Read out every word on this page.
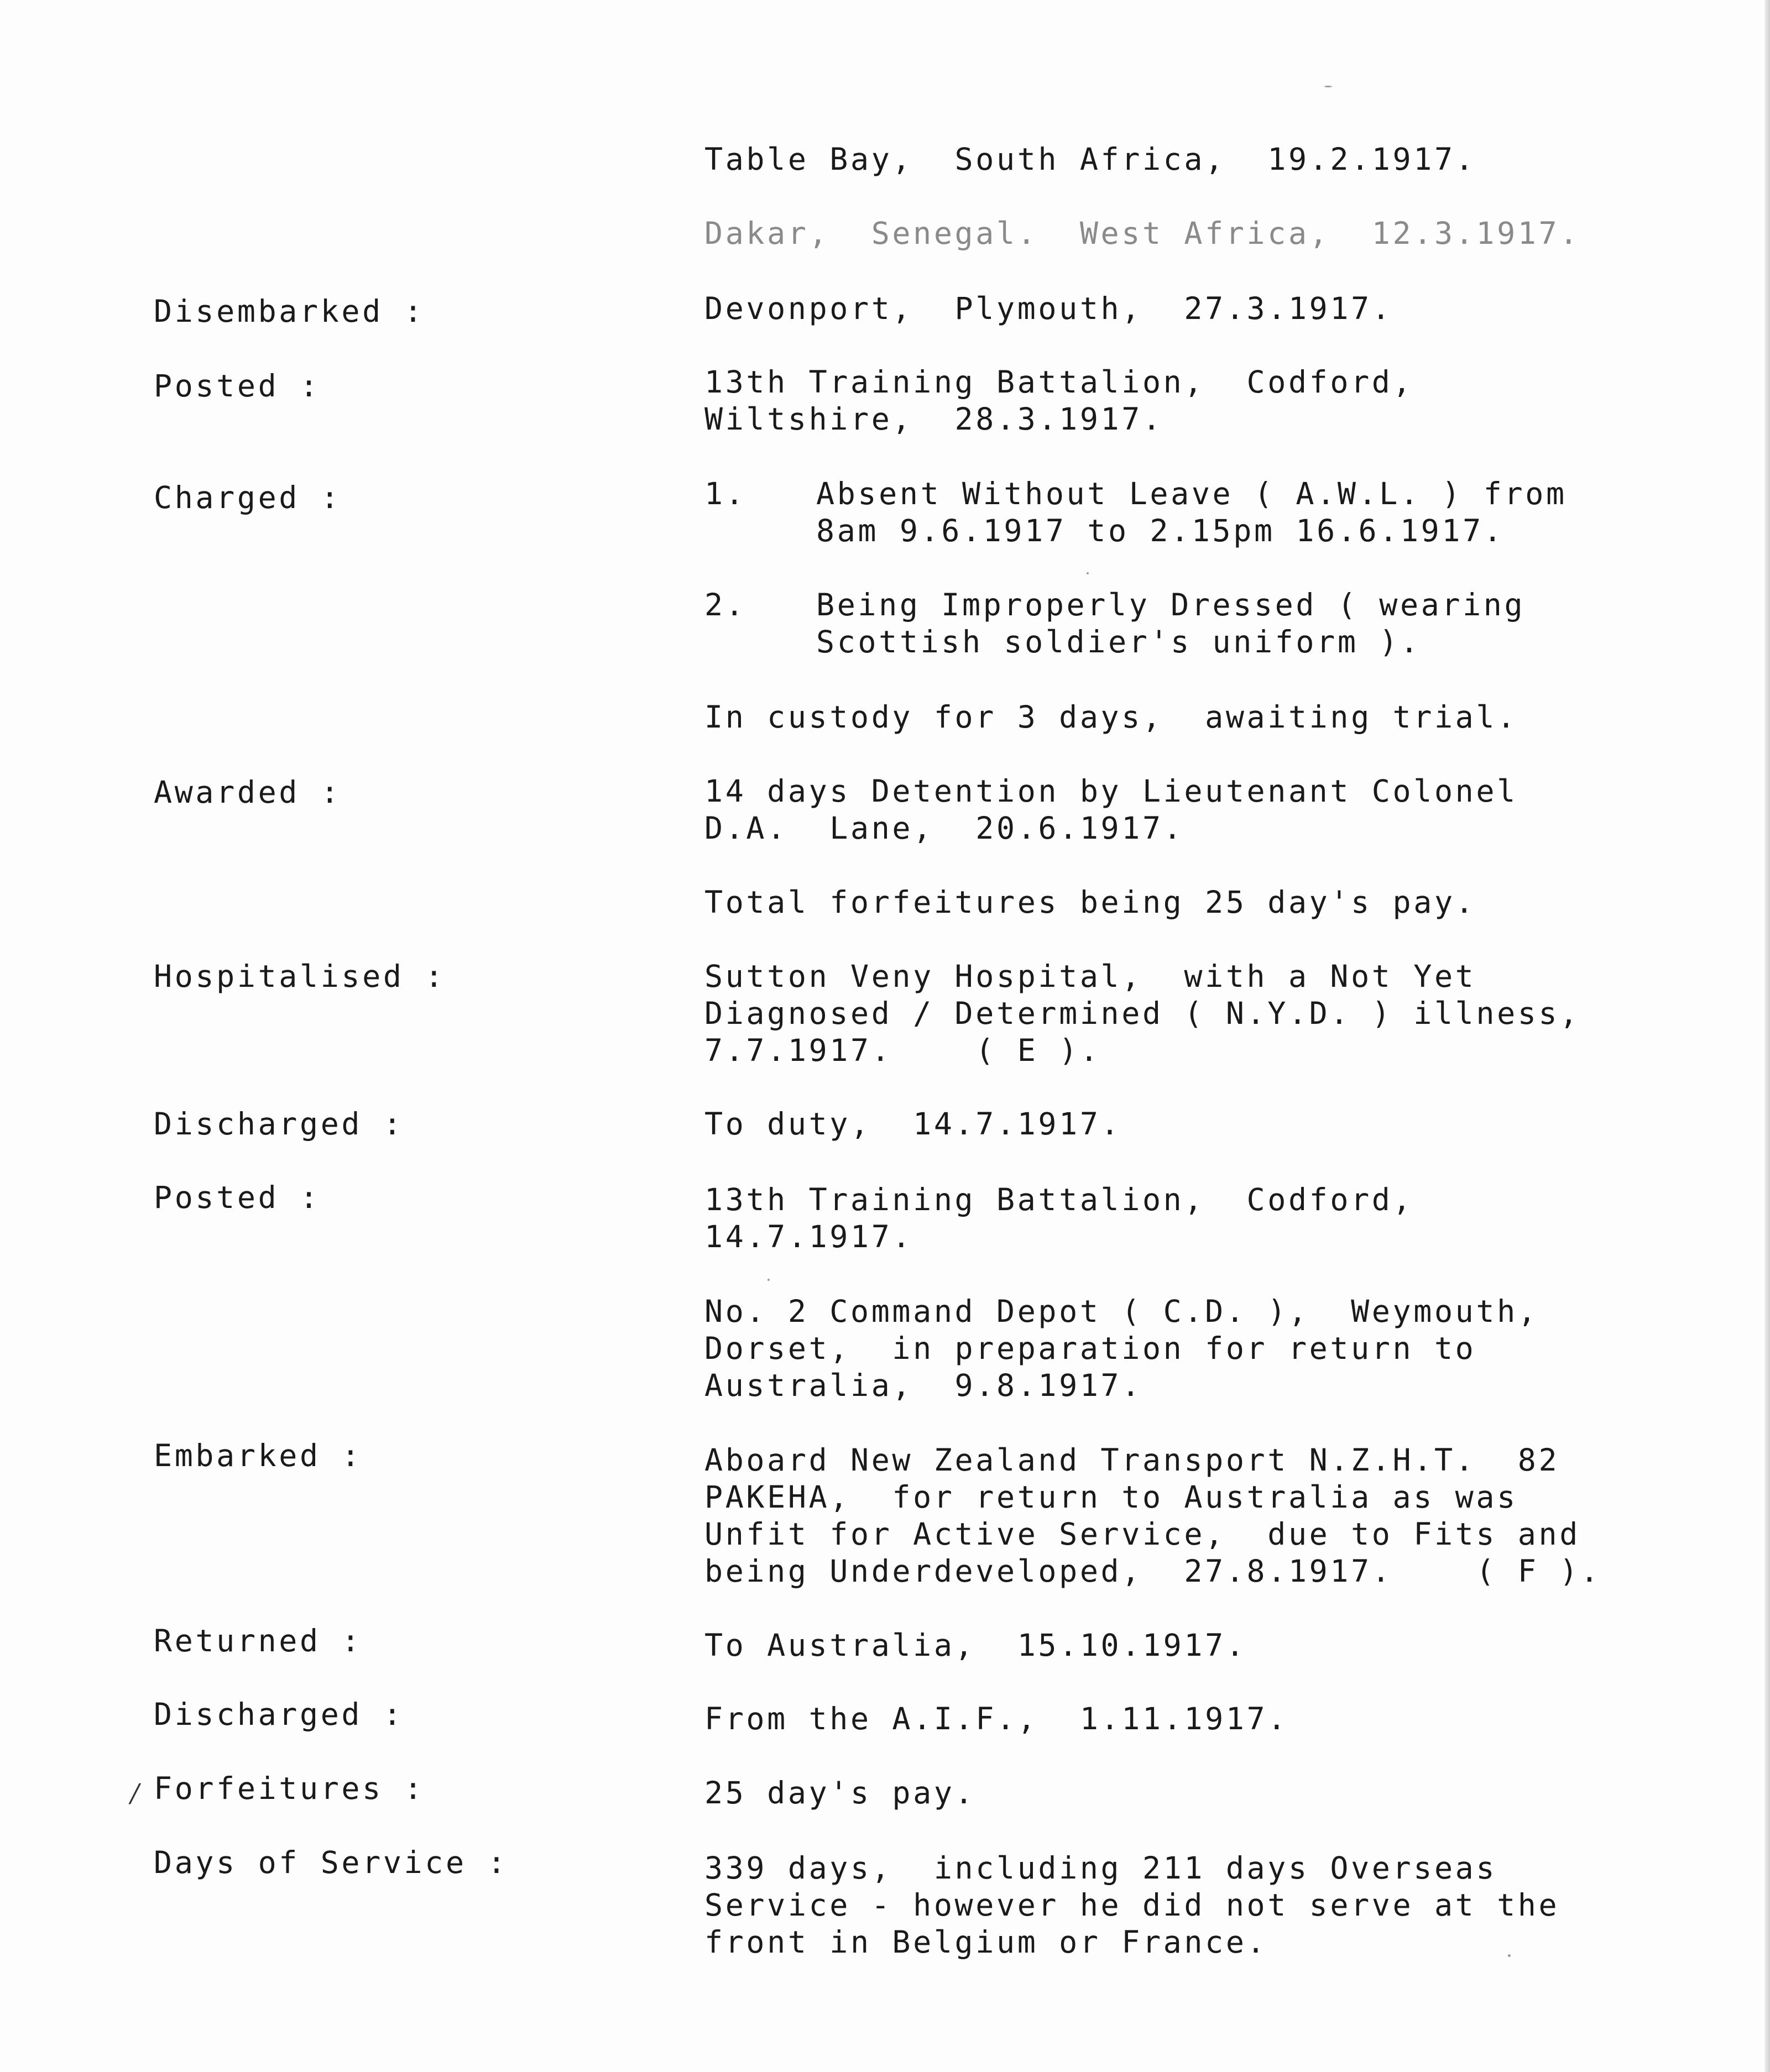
Table Bay,  South Africa,  19.2.1917.
Dakar,  Senegal.  West Africa,  12.3.1917.
Disembarked :	Devonport,  Plymouth,  27.3.1917.
Posted :	13th Training Battalion,  Codford,
Wiltshire,  28.3.1917.
Charged :	1. Absent Without Leave ( A.W.L. ) from
8am 9.6.1917 to 2.15pm 16.6.1917.
2. Being Improperly Dressed ( wearing
Scottish soldier's uniform ).
In custody for 3 days,  awaiting trial.
Awarded :	14 days Detention by Lieutenant Colonel
D.A.  Lane,  20.6.1917.
Total forfeitures being 25 day's pay.
Hospitalised :	Sutton Veny Hospital,  with a Not Yet
Diagnosed / Determined ( N.Y.D. ) illness,
7.7.1917.    ( E ).
Discharged :	To duty,  14.7.1917.
Posted :	13th Training Battalion,  Codford,
14.7.1917.
No. 2 Command Depot ( C.D. ),  Weymouth,
Dorset,  in preparation for return to
Australia,  9.8.1917.
Embarked :	Aboard New Zealand Transport N.Z.H.T.  82
PAKEHA,  for return to Australia as was
Unfit for Active Service,  due to Fits and
being Underdeveloped,  27.8.1917.    ( F ).
Returned :	To Australia,  15.10.1917.
Discharged :	From the A.I.F.,  1.11.1917.
/ Forfeitures :	25 day's pay.
Days of Service :	339 days,  including 211 days Overseas
Service - however he did not serve at the
front in Belgium or France.
